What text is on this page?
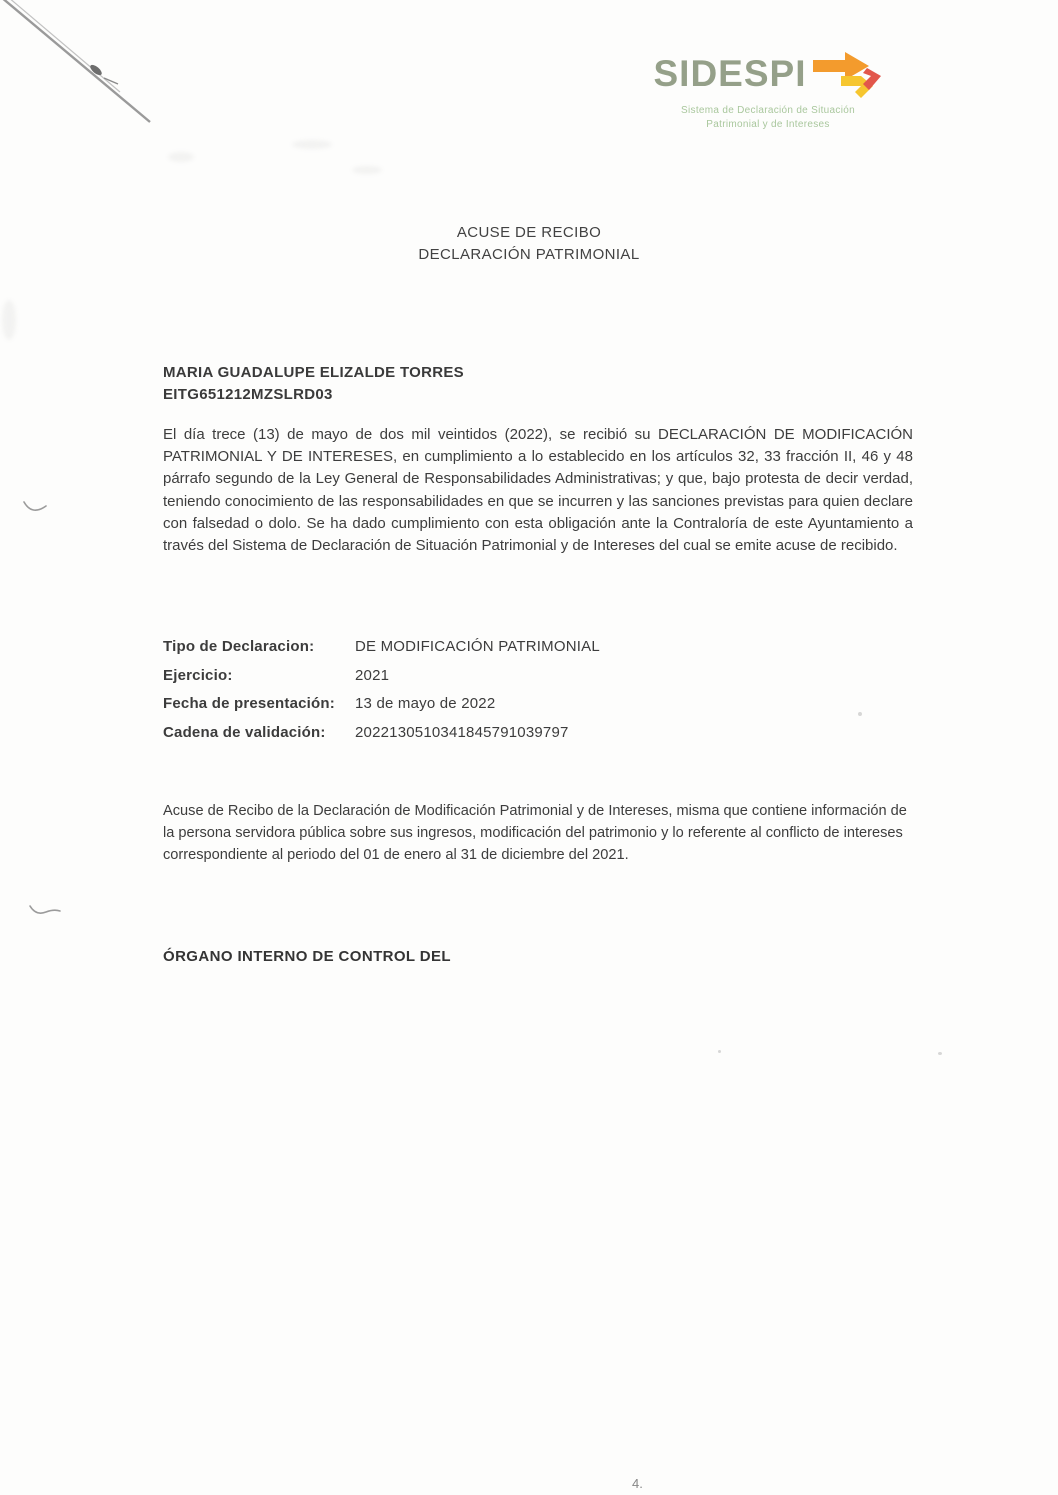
SIDESPI
Sistema de Declaración de Situación
Patrimonial y de Intereses
ACUSE DE RECIBO
DECLARACIÓN PATRIMONIAL
MARIA GUADALUPE ELIZALDE TORRES
EITG651212MZSLRD03
El día trece (13) de mayo de dos mil veintidos (2022), se recibió su DECLARACIÓN DE MODIFICACIÓN PATRIMONIAL Y DE INTERESES, en cumplimiento a lo establecido en los artículos 32, 33 fracción II, 46 y 48 párrafo segundo de la Ley General de Responsabilidades Administrativas; y que, bajo protesta de decir verdad, teniendo conocimiento de las responsabilidades en que se incurren y las sanciones previstas para quien declare con falsedad o dolo. Se ha dado cumplimiento con esta obligación ante la Contraloría de este Ayuntamiento a través del Sistema de Declaración de Situación Patrimonial y de Intereses del cual se emite acuse de recibido.
Tipo de Declaracion:	DE MODIFICACIÓN PATRIMONIAL
Ejercicio:	2021
Fecha de presentación:	13 de mayo de 2022
Cadena de validación:	2022130510341845791039797
Acuse de Recibo de la Declaración de Modificación Patrimonial y de Intereses, misma que contiene información de la persona servidora pública sobre sus ingresos, modificación del patrimonio y lo referente al conflicto de intereses correspondiente al periodo del 01 de enero al 31 de diciembre del 2021.
ÓRGANO INTERNO DE CONTROL DEL
4.
